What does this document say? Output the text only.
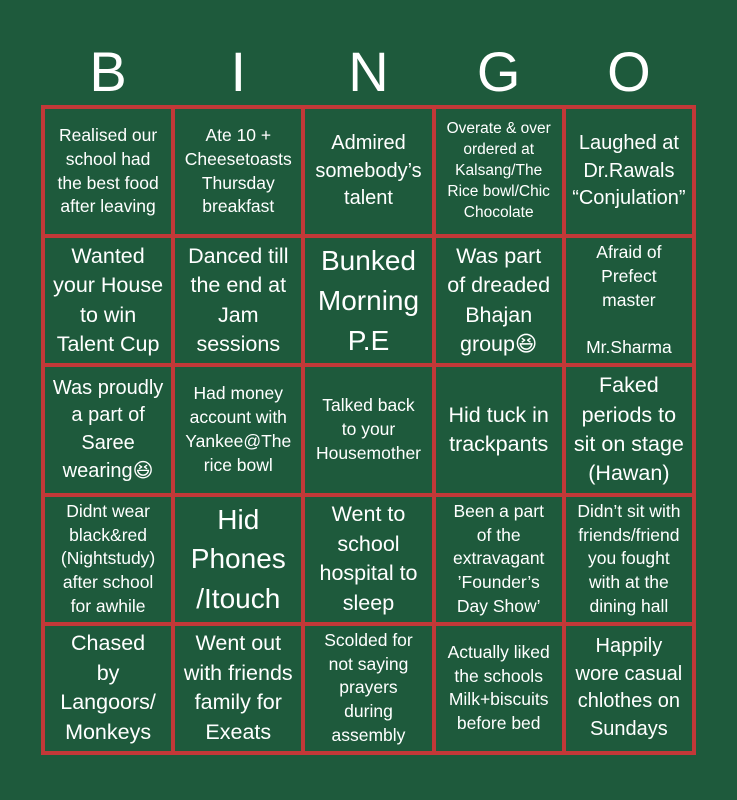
B	I	N	G	O
Realised our
school had
the best food
after leaving
Ate 10 +
Cheesetoasts
Thursday
breakfast
Admired
somebody’s
talent
Overate & over
ordered at
Kalsang/The
Rice bowl/Chic
Chocolate
Laughed at
Dr.Rawals
“Conjulation”
Wanted
your House
to win
Talent Cup
Danced till
the end at
Jam
sessions
Bunked
Morning
P.E
Was part
of dreaded
Bhajan
group😆
Afraid of
Prefect
master

Mr.Sharma
Was proudly
a part of
Saree
wearing😆
Had money
account with
Yankee@The
rice bowl
Talked back
to your
Housemother
Hid tuck in
trackpants
Faked
periods to
sit on stage
(Hawan)
Didnt wear
black&red
(Nightstudy)
after school
for awhile
Hid
Phones
/Itouch
Went to
school
hospital to
sleep
Been a part
of the
extravagant
’Founder’s
Day Show’
Didn’t sit with
friends/friend
you fought
with at the
dining hall
Chased
by
Langoors/
Monkeys
Went out
with friends
family for
Exeats
Scolded for
not saying
prayers
during
assembly
Actually liked
the schools
Milk+biscuits
before bed
Happily
wore casual
chlothes on
Sundays
